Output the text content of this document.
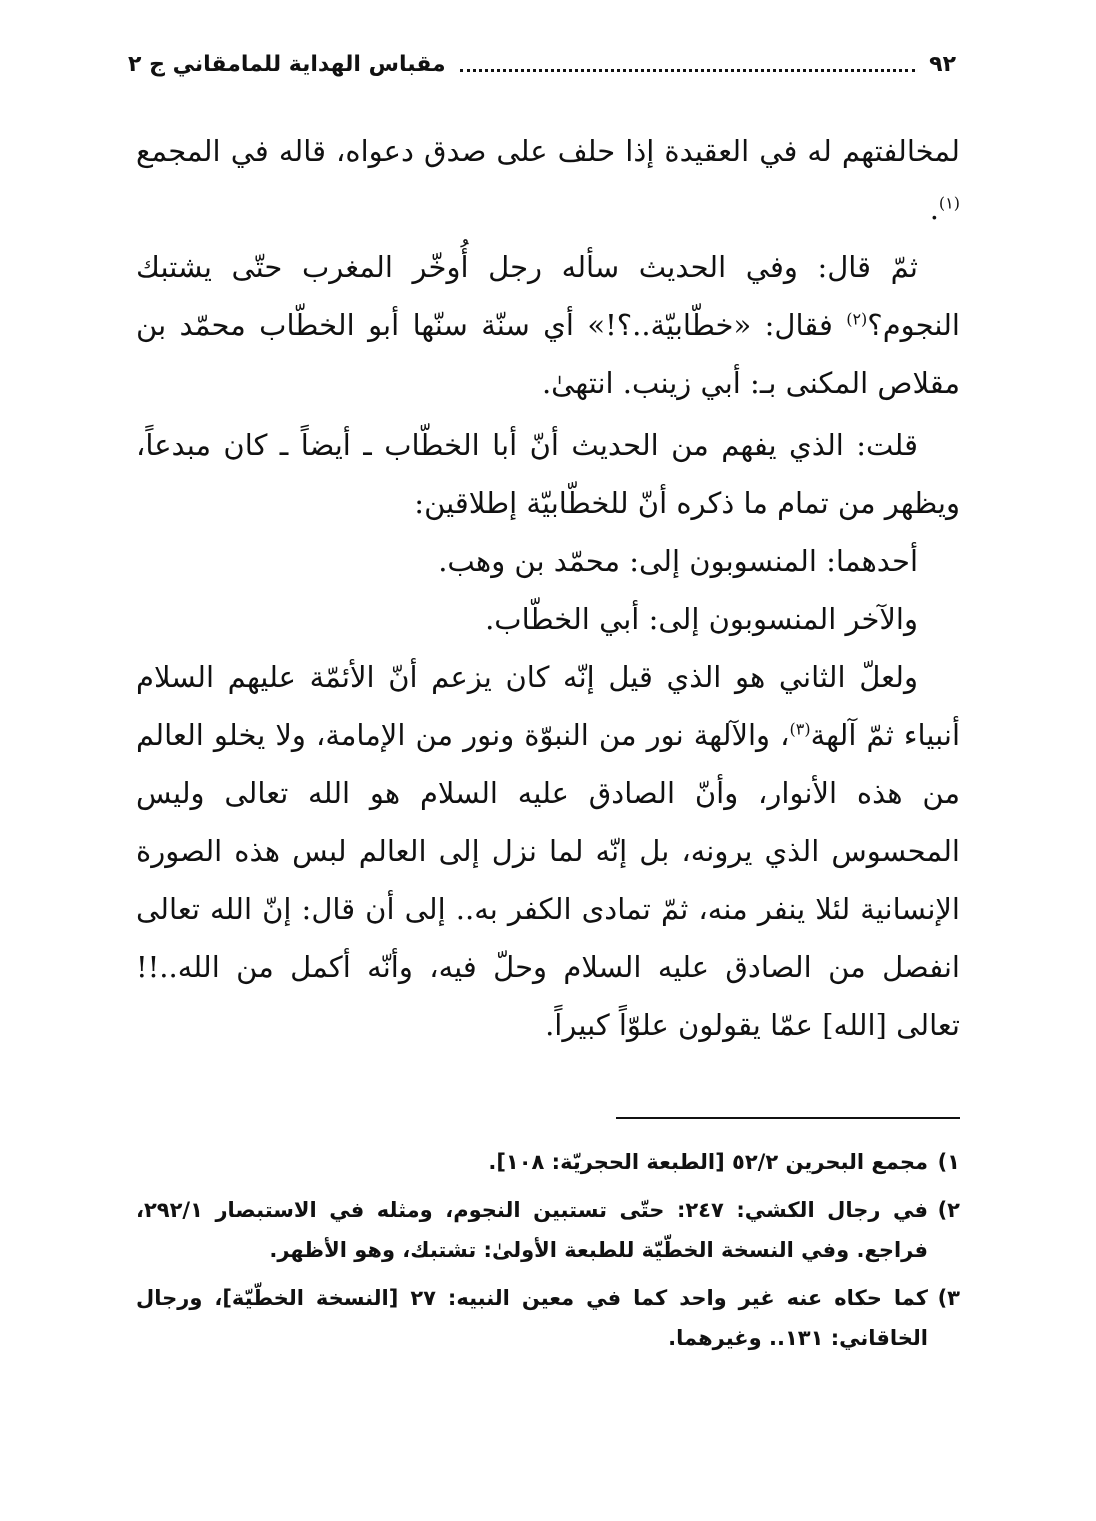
٩٢
مقباس الهداية للمامقاني ج ٢

لمخالفتهم له في العقيدة إذا حلف على صدق دعواه، قاله في المجمع $^{(١)}$.

ثمّ قال: وفي الحديث سأله رجل أُوخّر المغرب حتّى يشتبك النجوم؟$^{(٢)}$ فقال: «خطّابيّة..؟!» أي سنّة سنّها أبو الخطّاب محمّد بن مقلاص المكنى بـ: أبي زينب. انتهىٰ.

قلت: الذي يفهم من الحديث أنّ أبا الخطّاب ـ أيضاً ـ كان مبدعاً، ويظهر من تمام ما ذكره أنّ للخطّابيّة إطلاقين:

أحدهما: المنسوبون إلى: محمّد بن وهب.

والآخر المنسوبون إلى: أبي الخطّاب.

ولعلّ الثاني هو الذي قيل إنّه كان يزعم أنّ الأئمّة عليهم السلام أنبياء ثمّ آلهة$^{(٣)}$، والآلهة نور من النبوّة ونور من الإمامة، ولا يخلو العالم من هذه الأنوار، وأنّ الصادق عليه السلام هو الله تعالى وليس المحسوس الذي يرونه، بل إنّه لما نزل إلى العالم لبس هذه الصورة الإنسانية لئلا ينفر منه، ثمّ تمادى الكفر به.. إلى أن قال: إنّ الله تعالى انفصل من الصادق عليه السلام وحلّ فيه، وأنّه أكمل من الله..!! تعالى [الله] عمّا يقولون علوّاً كبيراً.

١)
مجمع البحرين ٥٢/٢ [الطبعة الحجريّة: ١٠٨].
٢)
في رجال الكشي: ٢٤٧: حتّى تستبين النجوم، ومثله في الاستبصار ٢٩٢/١، فراجع. وفي النسخة الخطّيّة للطبعة الأولىٰ: تشتبك، وهو الأظهر.
٣)
كما حكاه عنه غير واحد كما في معين النبيه: ٢٧ [النسخة الخطّيّة]، ورجال الخاقاني: ١٣١.. وغيرهما.
